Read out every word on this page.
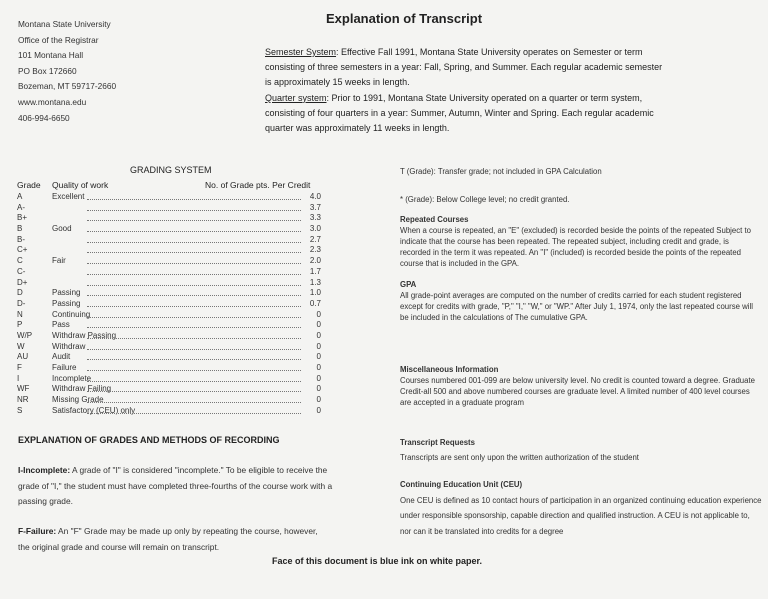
Montana State University
Office of the Registrar
101 Montana Hall
PO Box 172660
Bozeman, MT 59717-2660
www.montana.edu
406-994-6650
Explanation of Transcript
Semester System: Effective Fall 1991, Montana State University operates on Semester or term consisting of three semesters in a year: Fall, Spring, and Summer. Each regular academic semester is approximately 15 weeks in length.
Quarter system: Prior to 1991, Montana State University operated on a quarter or term system, consisting of four quarters in a year: Summer, Autumn, Winter and Spring. Each regular academic quarter was approximately 11 weeks in length.
GRADING SYSTEM
Grade Quality of work	No. of Grade pts. Per Credit
A	Excellent	4.0
A-	3.7
B+	3.3
B	Good	3.0
B-	2.7
C+	2.3
C	Fair	2.0
C-	1.7
D+	1.3
D	Passing	1.0
D-	Passing	0.7
N	Continuing	0
P	Pass	0
W/P Withdraw Passing	0
W	Withdraw	0
AU	Audit	0
F	Failure	0
I	Incomplete	0
WF	Withdraw Failing	0
NR	Missing Grade	0
S	Satisfactory (CEU) only	0
EXPLANATION OF GRADES AND METHODS OF RECORDING
I-Incomplete: A grade of "I" is considered "incomplete." To be eligible to receive the grade of "I," the student must have completed three-fourths of the course work with a passing grade.
F-Failure: An "F" Grade may be made up only by repeating the course, however, the original grade and course will remain on transcript.
T (Grade): Transfer grade; not included in GPA Calculation
* (Grade): Below College level; no credit granted.
Repeated Courses
When a course is repeated, an "E" (excluded) is recorded beside the points of the repeated Subject to indicate that the course has been repeated. The repeated subject, including credit and grade, is recorded in the term it was repeated. An "I" (included) is recorded beside the points of the repeated course that is included in the GPA.
GPA
All grade-point averages are computed on the number of credits carried for each student registered except for credits with grade, "P," "I," "W," or "WP." After July 1, 1974, only the last repeated course will be included in the calculations of The cumulative GPA.
Miscellaneous Information
Courses numbered 001-099 are below university level. No credit is counted toward a degree. Graduate Credit-all 500 and above numbered courses are graduate level. A limited number of 400 level courses are accepted in a graduate program
Transcript Requests
Transcripts are sent only upon the written authorization of the student
Continuing Education Unit (CEU)
One CEU is defined as 10 contact hours of participation in an organized continuing education experience under responsible sponsorship, capable direction and qualified instruction. A CEU is not applicable to, nor can it be translated into credits for a degree
Face of this document is blue ink on white paper.
